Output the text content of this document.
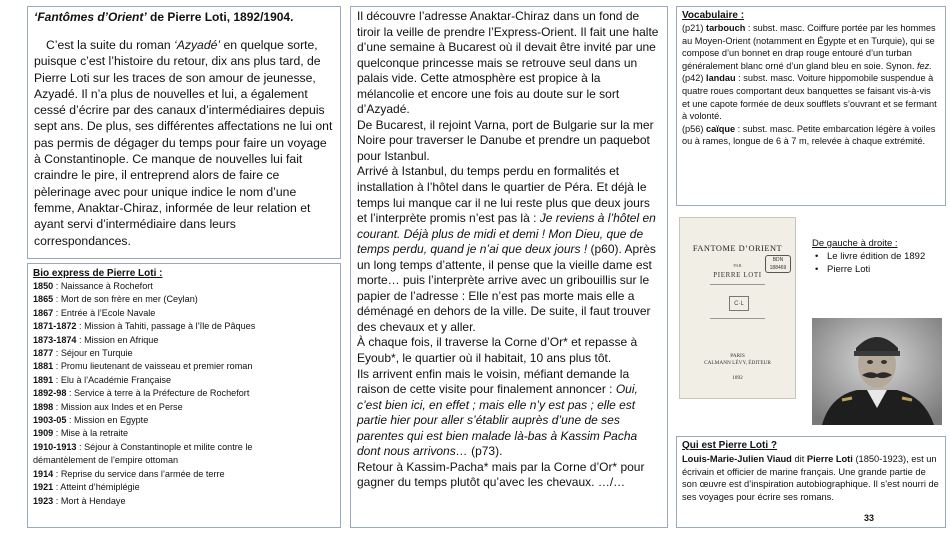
‘Fantômes d’Orient’ de Pierre Loti, 1892/1904.

C’est la suite du roman ‘Azyadé’ en quelque sorte, puisque c’est l’histoire du retour, dix ans plus tard, de Pierre Loti sur les traces de son amour de jeunesse, Azyadé. Il n’a plus de nouvelles et lui, a également cessé d’écrire par des canaux d’intermédiaires depuis sept ans. De plus, ses différentes affectations ne lui ont pas permis de dégager du temps pour faire un voyage à Constantinople. Ce manque de nouvelles lui fait craindre le pire, il entreprend alors de faire ce pèlerinage avec pour unique indice le nom d’une femme, Anaktar-Chiraz, informée de leur relation et ayant servi d’intermédiaire dans leurs correspondances.

Bio express de Pierre Loti :
1850 : Naissance à Rochefort
1865 : Mort de son frère en mer (Ceylan)
1867 : Entrée à l’Ecole Navale
1871-1872 : Mission à Tahiti, passage à l’île de Pâques
1873-1874 : Mission en Afrique
1877 : Séjour en Turquie
1881 : Promu lieutenant de vaisseau et premier roman
1891 : Elu à l’Académie Française
1892-98 : Service à terre à la Préfecture de Rochefort
1898 : Mission aux Indes et en Perse
1903-05 : Mission en Egypte
1909 : Mise à la retraite
1910-1913 : Séjour à Constantinople et milite contre le
démantèlement de l’empire ottoman
1914 : Reprise du service dans l’armée de terre
1921 : Atteint d’hémiplégie
1923 : Mort à Hendaye

Il découvre l’adresse Anaktar-Chiraz dans un fond de tiroir la veille de prendre l’Express-Orient. Il fait une halte d’une semaine à Bucarest où il devait être invité par une quelconque princesse mais se retrouve seul dans un palais vide. Cette atmosphère est propice à la mélancolie et encore une fois au doute sur le sort d’Azyadé.

De Bucarest, il rejoint Varna, port de Bulgarie sur la mer Noire pour traverser le Danube et prendre un paquebot pour Istanbul.

Arrivé à Istanbul, du temps perdu en formalités et installation à l’hôtel dans le quartier de Péra. Et déjà le temps lui manque car il ne lui reste plus que deux jours et l’interprète promis n’est pas là : Je reviens à l’hôtel en courant. Déjà plus de midi et demi ! Mon Dieu, que de temps perdu, quand je n’ai que deux jours ! (p60). Après un long temps d’attente, il pense que la vieille dame est morte… puis l’interprète arrive avec un gribouillis sur le papier de l’adresse : Elle n’est pas morte mais elle a déménagé en dehors de la ville. De suite, il faut trouver des chevaux et y aller.

À chaque fois, il traverse la Corne d’Or* et repasse à Eyoub*, le quartier où il habitait, 10 ans plus tôt.

Ils arrivent enfin mais le voisin, méfiant demande la raison de cette visite pour finalement annoncer : Oui, c’est bien ici, en effet ; mais elle n’y est pas ; elle est partie hier pour aller s’établir auprès d’une de ses parentes qui est bien malade là-bas à Kassim Pacha dont nous arrivons… (p73).

Retour à Kassim-Pacha* mais par la Corne d’Or* pour gagner du temps plutôt qu’avec les chevaux. …/…

Vocabulaire :
(p21) tarbouch : subst. masc. Coiffure portée par les hommes au Moyen-Orient (notamment en Égypte et en Turquie), qui se compose d’un bonnet en drap rouge entouré d’un turban généralement blanc orné d’un gland bleu en soie. Synon. fez.
(p42) landau : subst. masc. Voiture hippomobile suspendue à quatre roues comportant deux banquettes se faisant vis-à-vis et une capote formée de deux soufflets s’ouvrant et se fermant à volonté.
(p56) caïque : subst. masc. Petite embarcation légère à voiles ou à rames, longue de 6 à 7 m, relevée à chaque extrémité.
FANTOME D’ORIENT
BDN 188469
PAR
PIERRE LOTI
C·L
PARIS
CALMANN LÉVY, ÉDITEUR
1892
De gauche à droite :
• Le livre édition de 1892
• Pierre Loti
Qui est Pierre Loti ?
Louis-Marie-Julien Viaud dit Pierre Loti (1850-1923), est un écrivain et officier de marine français. Une grande partie de son œuvre est d’inspiration autobiographique. Il s’est nourri de ses voyages pour écrire ses romans.
33
